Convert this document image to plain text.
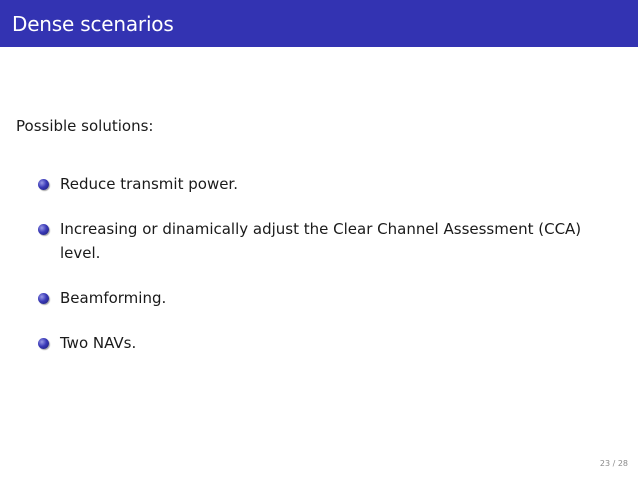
Dense scenarios
Possible solutions:
Reduce transmit power.
Increasing or dinamically adjust the Clear Channel Assessment (CCA) level.
Beamforming.
Two NAVs.
23 / 28
